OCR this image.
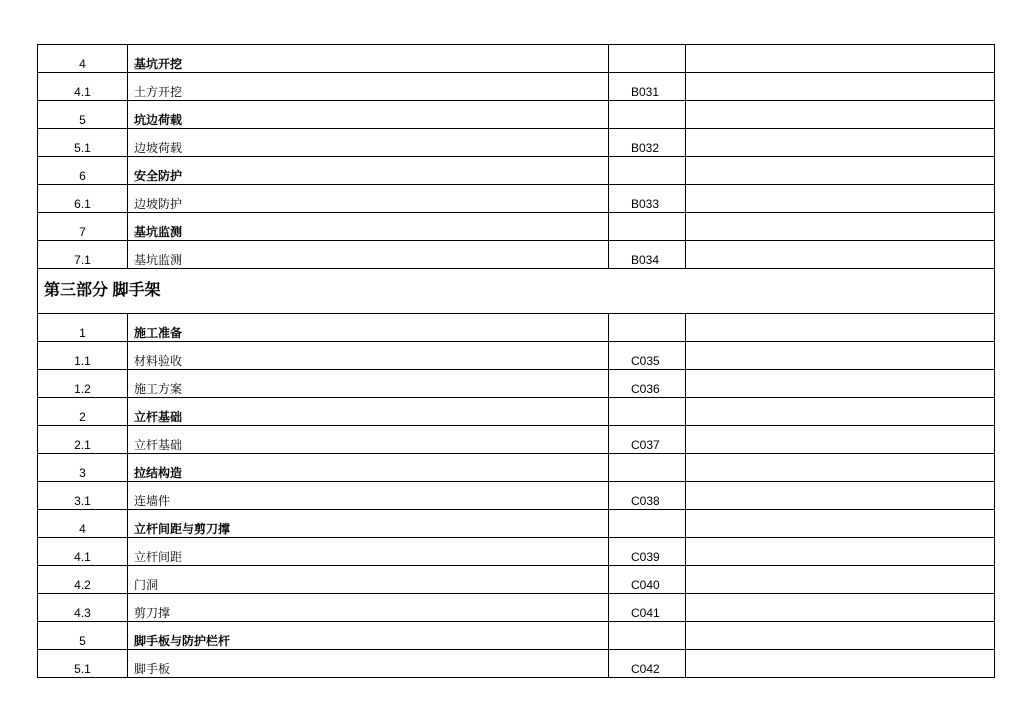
4	基坑开挖		
4.1	土方开挖	B031	
5	坑边荷载		
5.1	边坡荷载	B032	
6	安全防护		
6.1	边坡防护	B033	
7	基坑监测		
7.1	基坑监测	B034	
第三部分 脚手架			
1	施工准备		
1.1	材料验收	C035	
1.2	施工方案	C036	
2	立杆基础		
2.1	立杆基础	C037	
3	拉结构造		
3.1	连墙件	C038	
4	立杆间距与剪刀撑		
4.1	立杆间距	C039	
4.2	门洞	C040	
4.3	剪刀撑	C041	
5	脚手板与防护栏杆		
5.1	脚手板	C042	
